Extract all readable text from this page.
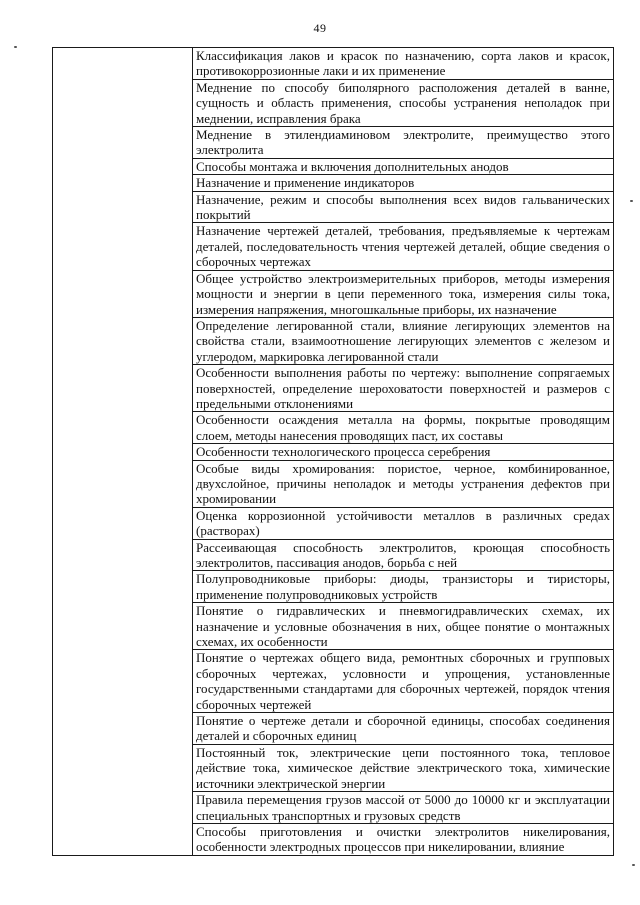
49
	Классификация лаков и красок по назначению, сорта лаков и красок, противокоррозионные лаки и их применение
Меднение по способу биполярного расположения деталей в ванне, сущность и область применения, способы устранения неполадок при меднении, исправления брака
Меднение в этилендиаминовом электролите, преимущество этого электролита
Способы монтажа и включения дополнительных анодов
Назначение и применение индикаторов
Назначение, режим и способы выполнения всех видов гальванических покрытий
Назначение чертежей деталей, требования, предъявляемые к чертежам деталей, последовательность чтения чертежей деталей, общие сведения о сборочных чертежах
Общее устройство электроизмерительных приборов, методы измерения мощности и энергии в цепи переменного тока, измерения силы тока, измерения напряжения, многошкальные приборы, их назначение
Определение легированной стали, влияние легирующих элементов на свойства стали, взаимоотношение легирующих элементов с железом и углеродом, маркировка легированной стали
Особенности выполнения работы по чертежу: выполнение сопрягаемых поверхностей, определение шероховатости поверхностей и размеров с предельными отклонениями
Особенности осаждения металла на формы, покрытые проводящим слоем, методы нанесения проводящих паст, их составы
Особенности технологического процесса серебрения
Особые виды хромирования: пористое, черное, комбинированное, двухслойное, причины неполадок и методы устранения дефектов при хромировании
Оценка коррозионной устойчивости металлов в различных средах (растворах)
Рассеивающая способность электролитов, кроющая способность электролитов, пассивация анодов, борьба с ней
Полупроводниковые приборы: диоды, транзисторы и тиристоры, применение полупроводниковых устройств
Понятие о гидравлических и пневмогидравлических схемах, их назначение и условные обозначения в них, общее понятие о монтажных схемах, их особенности
Понятие о чертежах общего вида, ремонтных сборочных и групповых сборочных чертежах, условности и упрощения, установленные государственными стандартами для сборочных чертежей, порядок чтения сборочных чертежей
Понятие о чертеже детали и сборочной единицы, способах соединения деталей и сборочных единиц
Постоянный ток, электрические цепи постоянного тока, тепловое действие тока, химическое действие электрического тока, химические источники электрической энергии
Правила перемещения грузов массой от 5000 до 10000 кг и эксплуатации специальных транспортных и грузовых средств
Способы приготовления и очистки электролитов никелирования, особенности электродных процессов при никелировании, влияние
